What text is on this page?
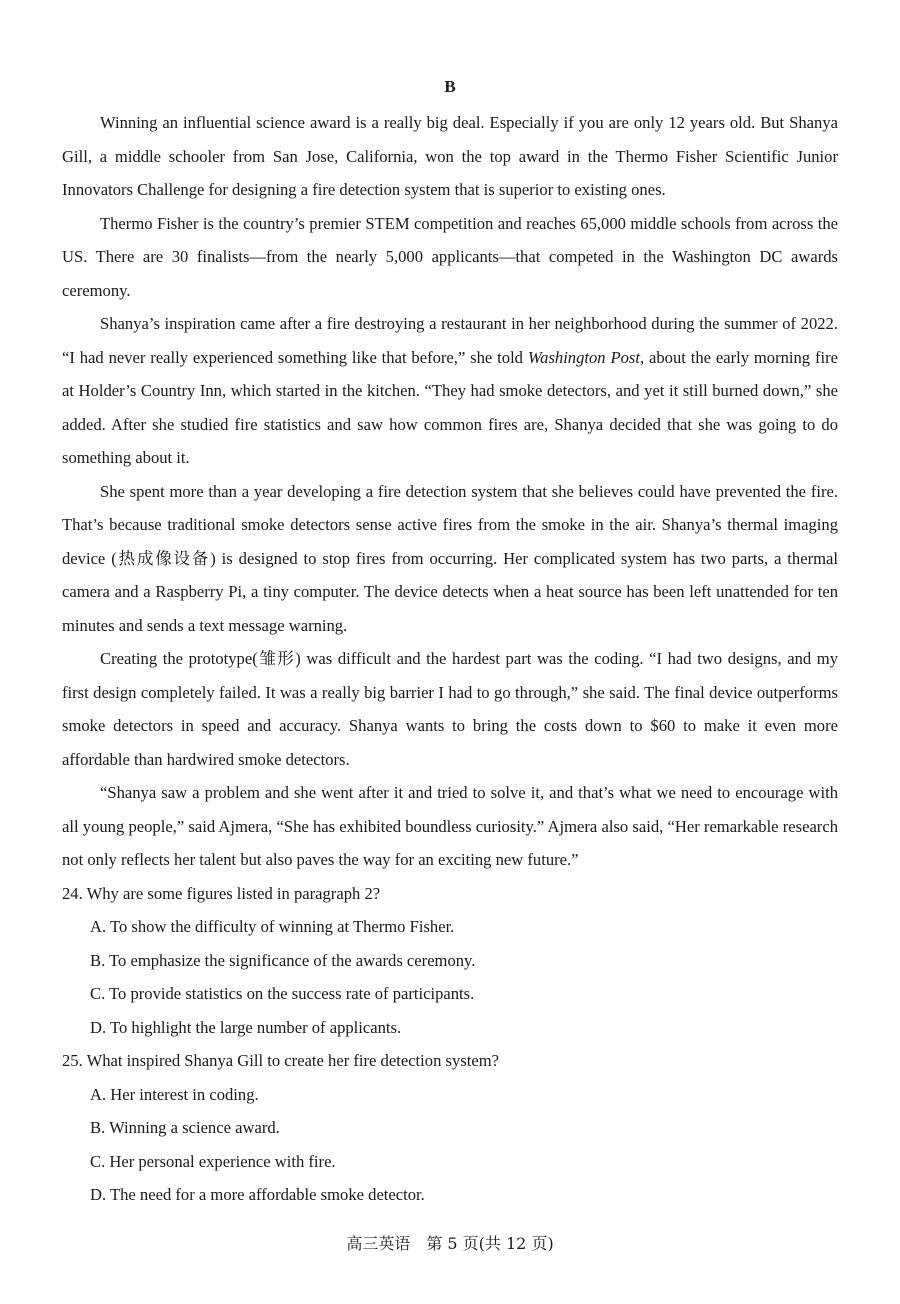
B

Winning an influential science award is a really big deal. Especially if you are only 12 years old. But Shanya Gill, a middle schooler from San Jose, California, won the top award in the Thermo Fisher Scientific Junior Innovators Challenge for designing a fire detection system that is superior to existing ones.

Thermo Fisher is the country’s premier STEM competition and reaches 65,000 middle schools from across the US. There are 30 finalists—from the nearly 5,000 applicants—that competed in the Washington DC awards ceremony.

Shanya’s inspiration came after a fire destroying a restaurant in her neighborhood during the summer of 2022. “I had never really experienced something like that before,” she told Washington Post, about the early morning fire at Holder’s Country Inn, which started in the kitchen. “They had smoke detectors, and yet it still burned down,” she added. After she studied fire statistics and saw how common fires are, Shanya decided that she was going to do something about it.

She spent more than a year developing a fire detection system that she believes could have prevented the fire. That’s because traditional smoke detectors sense active fires from the smoke in the air. Shanya’s thermal imaging device (热成像设备) is designed to stop fires from occurring. Her complicated system has two parts, a thermal camera and a Raspberry Pi, a tiny computer. The device detects when a heat source has been left unattended for ten minutes and sends a text message warning.

Creating the prototype(雏形) was difficult and the hardest part was the coding. “I had two designs, and my first design completely failed. It was a really big barrier I had to go through,” she said. The final device outperforms smoke detectors in speed and accuracy. Shanya wants to bring the costs down to $60 to make it even more affordable than hardwired smoke detectors.

“Shanya saw a problem and she went after it and tried to solve it, and that’s what we need to encourage with all young people,” said Ajmera, “She has exhibited boundless curiosity.” Ajmera also said, “Her remarkable research not only reflects her talent but also paves the way for an exciting new future.”

24. Why are some figures listed in paragraph 2?
A. To show the difficulty of winning at Thermo Fisher.
B. To emphasize the significance of the awards ceremony.
C. To provide statistics on the success rate of participants.
D. To highlight the large number of applicants.
25. What inspired Shanya Gill to create her fire detection system?
A. Her interest in coding.
B. Winning a science award.
C. Her personal experience with fire.
D. The need for a more affordable smoke detector.
高三英语　第 5 页(共 12 页)
